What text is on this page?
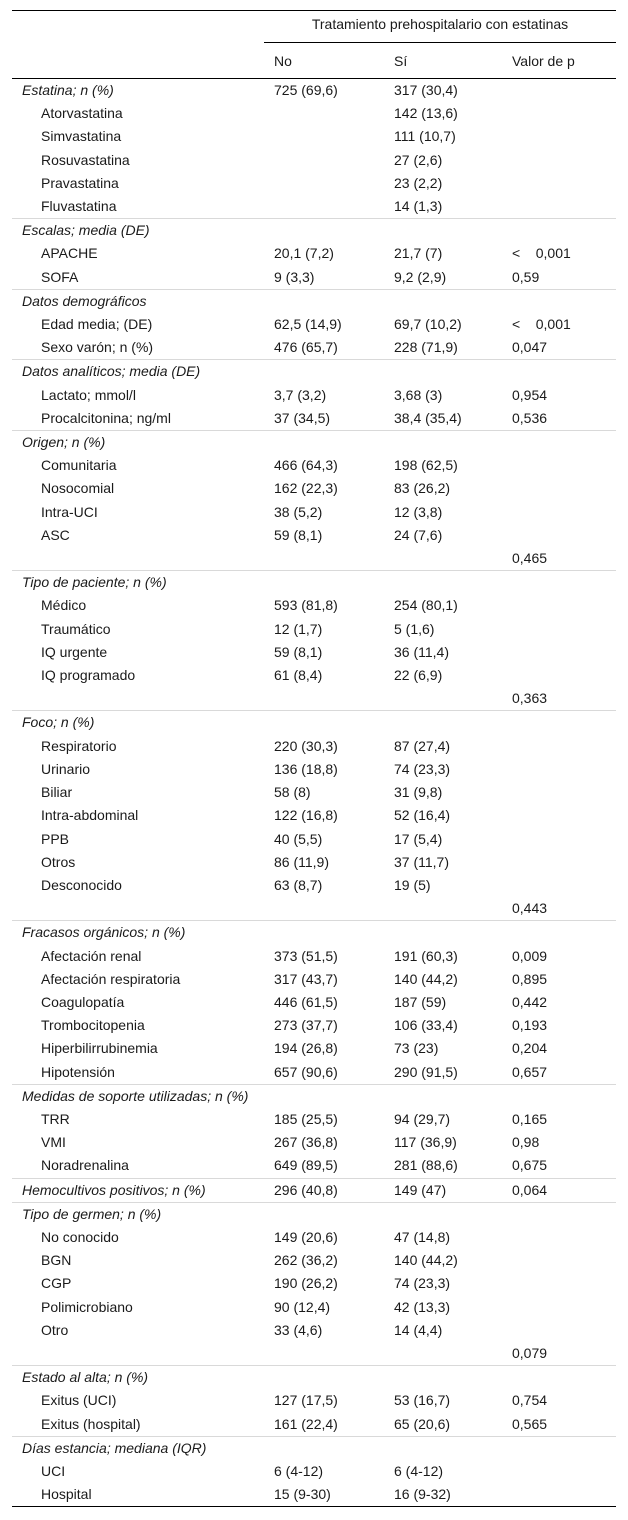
	Tratamiento prehospitalario con estatinas		

	No	Sí	Valor de p
Estatina; n (%)	725 (69,6)	317 (30,4)	
Atorvastatina		142 (13,6)	
Simvastatina		111 (10,7)	
Rosuvastatina		27 (2,6)	
Pravastatina		23 (2,2)	
Fluvastatina		14 (1,3)	
Escalas; media (DE)			
APACHE	20,1 (7,2)	21,7 (7)	<    0,001
SOFA	9 (3,3)	9,2 (2,9)	0,59
Datos demográficos			
Edad media; (DE)	62,5 (14,9)	69,7 (10,2)	<    0,001
Sexo varón; n (%)	476 (65,7)	228 (71,9)	0,047
Datos analíticos; media (DE)			
Lactato; mmol/l	3,7 (3,2)	3,68 (3)	0,954
Procalcitonina; ng/ml	37 (34,5)	38,4 (35,4)	0,536
Origen; n (%)			
Comunitaria	466 (64,3)	198 (62,5)	
Nosocomial	162 (22,3)	83 (26,2)	
Intra-UCI	38 (5,2)	12 (3,8)	
ASC	59 (8,1)	24 (7,6)	
			0,465
Tipo de paciente; n (%)			
Médico	593 (81,8)	254 (80,1)	
Traumático	12 (1,7)	5 (1,6)	
IQ urgente	59 (8,1)	36 (11,4)	
IQ programado	61 (8,4)	22 (6,9)	
			0,363
Foco; n (%)			
Respiratorio	220 (30,3)	87 (27,4)	
Urinario	136 (18,8)	74 (23,3)	
Biliar	58 (8)	31 (9,8)	
Intra-abdominal	122 (16,8)	52 (16,4)	
PPB	40 (5,5)	17 (5,4)	
Otros	86 (11,9)	37 (11,7)	
Desconocido	63 (8,7)	19 (5)	
			0,443
Fracasos orgánicos; n (%)			
Afectación renal	373 (51,5)	191 (60,3)	0,009
Afectación respiratoria	317 (43,7)	140 (44,2)	0,895
Coagulopatía	446 (61,5)	187 (59)	0,442
Trombocitopenia	273 (37,7)	106 (33,4)	0,193
Hiperbilirrubinemia	194 (26,8)	73 (23)	0,204
Hipotensión	657 (90,6)	290 (91,5)	0,657
Medidas de soporte utilizadas; n (%)			
TRR	185 (25,5)	94 (29,7)	0,165
VMI	267 (36,8)	117 (36,9)	0,98
Noradrenalina	649 (89,5)	281 (88,6)	0,675
Hemocultivos positivos; n (%)	296 (40,8)	149 (47)	0,064
Tipo de germen; n (%)			
No conocido	149 (20,6)	47 (14,8)	
BGN	262 (36,2)	140 (44,2)	
CGP	190 (26,2)	74 (23,3)	
Polimicrobiano	90 (12,4)	42 (13,3)	
Otro	33 (4,6)	14 (4,4)	
			0,079
Estado al alta; n (%)			
Exitus (UCI)	127 (17,5)	53 (16,7)	0,754
Exitus (hospital)	161 (22,4)	65 (20,6)	0,565
Días estancia; mediana (IQR)			
UCI	6 (4-12)	6 (4-12)	
Hospital	15 (9-30)	16 (9-32)	
